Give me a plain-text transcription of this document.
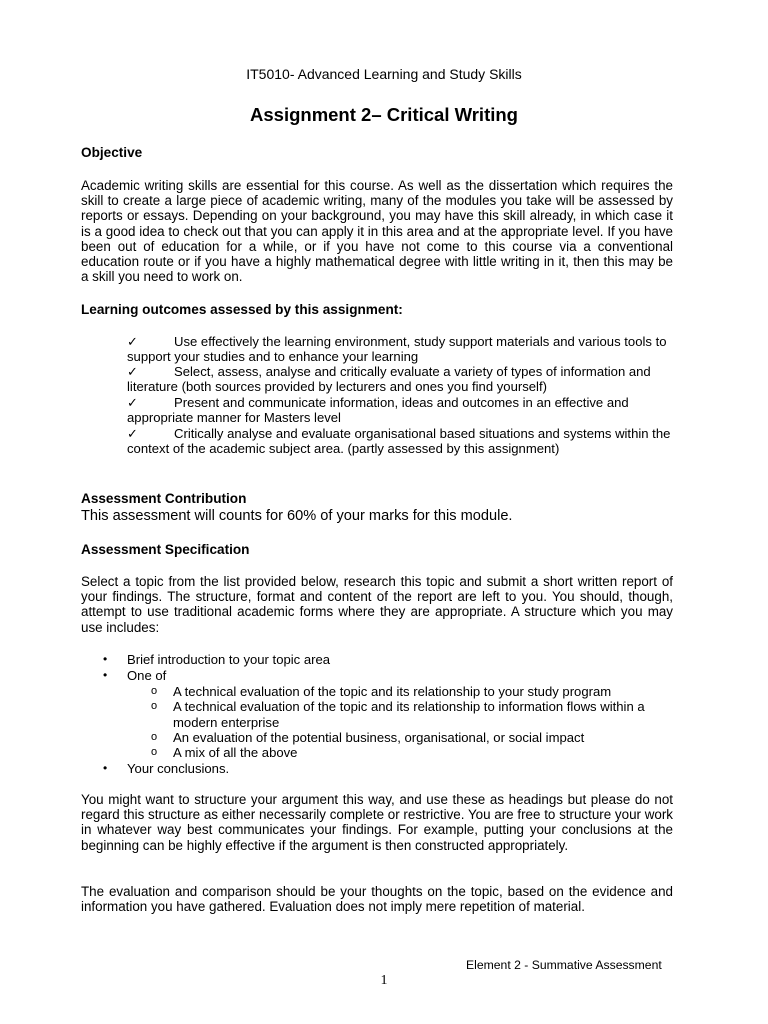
IT5010- Advanced Learning and Study Skills

Assignment 2– Critical Writing
Objective

Academic writing skills are essential for this course. As well as the dissertation which requires the skill to create a large piece of academic writing, many of the modules you take will be assessed by reports or essays. Depending on your background, you may have this skill already, in which case it is a good idea to check out that you can apply it in this area and at the appropriate level. If you have been out of education for a while, or if you have not come to this course via a conventional education route or if you have a highly mathematical degree with little writing in it, then this may be a skill you need to work on.

Learning outcomes assessed by this assignment:
✓	Use effectively the learning environment, study support materials and various tools to support your studies and to enhance your learning
✓	Select, assess, analyse and critically evaluate a variety of types of information and literature (both sources provided by lecturers and ones you find yourself)
✓	Present and communicate information, ideas and outcomes in an effective and appropriate manner for Masters level
✓	Critically analyse and evaluate organisational based situations and systems within the context of the academic subject area. (partly assessed by this assignment)
Assessment Contribution

This assessment will counts for 60% of your marks for this module.

Assessment Specification

Select a topic from the list provided below, research this topic and submit a short written report of your findings. The structure, format and content of the report are left to you. You should, though, attempt to use traditional academic forms where they are appropriate. A structure which you may use includes:

• Brief introduction to your topic area
• One of
o A technical evaluation of the topic and its relationship to your study program
o A technical evaluation of the topic and its relationship to information flows within a modern enterprise
o An evaluation of the potential business, organisational, or social impact
o A mix of all the above
• Your conclusions.

You might want to structure your argument this way, and use these as headings but please do not regard this structure as either necessarily complete or restrictive. You are free to structure your work in whatever way best communicates your findings. For example, putting your conclusions at the beginning can be highly effective if the argument is then constructed appropriately.

The evaluation and comparison should be your thoughts on the topic, based on the evidence and information you have gathered. Evaluation does not imply mere repetition of material.

Element 2 - Summative Assessment

1
